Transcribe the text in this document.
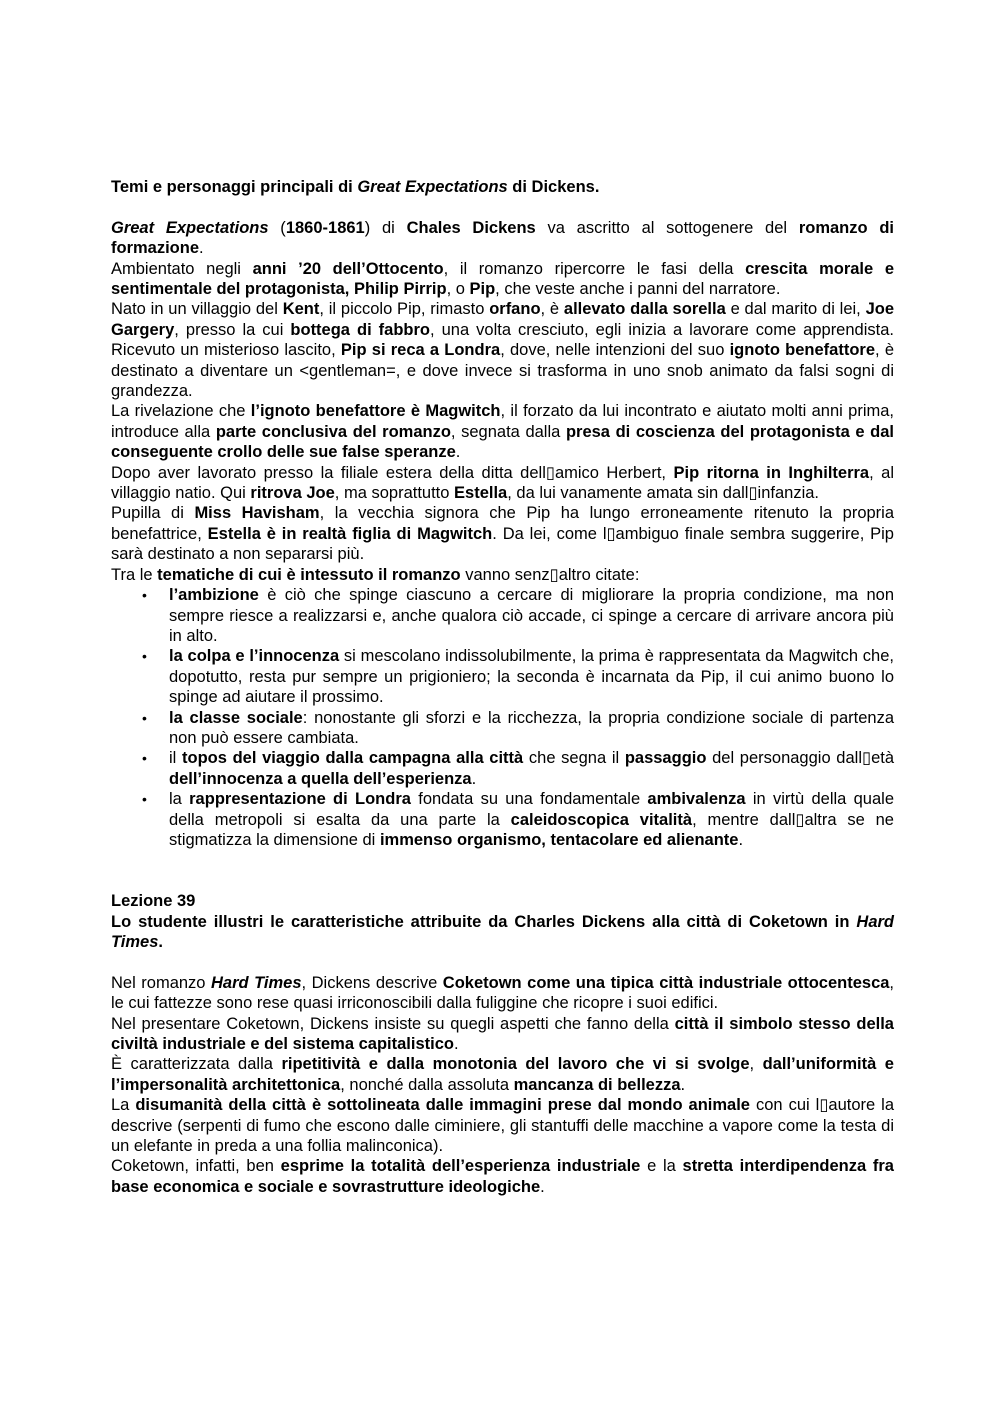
Temi e personaggi principali di Great Expectations di Dickens.

Great Expectations (1860-1861) di Chales Dickens va ascritto al sottogenere del romanzo di formazione.

Ambientato negli anni ’20 dell’Ottocento, il romanzo ripercorre le fasi della crescita morale e sentimentale del protagonista, Philip Pirrip, o Pip, che veste anche i panni del narratore.

Nato in un villaggio del Kent, il piccolo Pip, rimasto orfano, è allevato dalla sorella e dal marito di lei, Joe Gargery, presso la cui bottega di fabbro, una volta cresciuto, egli inizia a lavorare come apprendista. Ricevuto un misterioso lascito, Pip si reca a Londra, dove, nelle intenzioni del suo ignoto benefattore, è destinato a diventare un <gentleman=, e dove invece si trasforma in uno snob animato da falsi sogni di grandezza.

La rivelazione che l’ignoto benefattore è Magwitch, il forzato da lui incontrato e aiutato molti anni prima, introduce alla parte conclusiva del romanzo, segnata dalla presa di coscienza del protagonista e dal conseguente crollo delle sue false speranze.

Dopo aver lavorato presso la filiale estera della ditta dell▯amico Herbert, Pip ritorna in Inghilterra, al villaggio natio. Qui ritrova Joe, ma soprattutto Estella, da lui vanamente amata sin dall▯infanzia.

Pupilla di Miss Havisham, la vecchia signora che Pip ha lungo erroneamente ritenuto la propria benefattrice, Estella è in realtà figlia di Magwitch. Da lei, come l▯ambiguo finale sembra suggerire, Pip sarà destinato a non separarsi più.

Tra le tematiche di cui è intessuto il romanzo vanno senz▯altro citate:

• l’ambizione è ciò che spinge ciascuno a cercare di migliorare la propria condizione, ma non sempre riesce a realizzarsi e, anche qualora ciò accade, ci spinge a cercare di arrivare ancora più in alto.
• la colpa e l’innocenza si mescolano indissolubilmente, la prima è rappresentata da Magwitch che, dopotutto, resta pur sempre un prigioniero; la seconda è incarnata da Pip, il cui animo buono lo spinge ad aiutare il prossimo.
• la classe sociale: nonostante gli sforzi e la ricchezza, la propria condizione sociale di partenza non può essere cambiata.
• il topos del viaggio dalla campagna alla città che segna il passaggio del personaggio dall▯età dell’innocenza a quella dell’esperienza.
• la rappresentazione di Londra fondata su una fondamentale ambivalenza in virtù della quale della metropoli si esalta da una parte la caleidoscopica vitalità, mentre dall▯altra se ne stigmatizza la dimensione di immenso organismo, tentacolare ed alienante.

Lezione 39

Lo studente illustri le caratteristiche attribuite da Charles Dickens alla città di Coketown in Hard Times.

Nel romanzo Hard Times, Dickens descrive Coketown come una tipica città industriale ottocentesca, le cui fattezze sono rese quasi irriconoscibili dalla fuliggine che ricopre i suoi edifici.

Nel presentare Coketown, Dickens insiste su quegli aspetti che fanno della città il simbolo stesso della civiltà industriale e del sistema capitalistico.

È caratterizzata dalla ripetitività e dalla monotonia del lavoro che vi si svolge, dall’uniformità e l’impersonalità architettonica, nonché dalla assoluta mancanza di bellezza.

La disumanità della città è sottolineata dalle immagini prese dal mondo animale con cui l▯autore la descrive (serpenti di fumo che escono dalle ciminiere, gli stantuffi delle macchine a vapore come la testa di un elefante in preda a una follia malinconica).

Coketown, infatti, ben esprime la totalità dell’esperienza industriale e la stretta interdipendenza fra base economica e sociale e sovrastrutture ideologiche.
